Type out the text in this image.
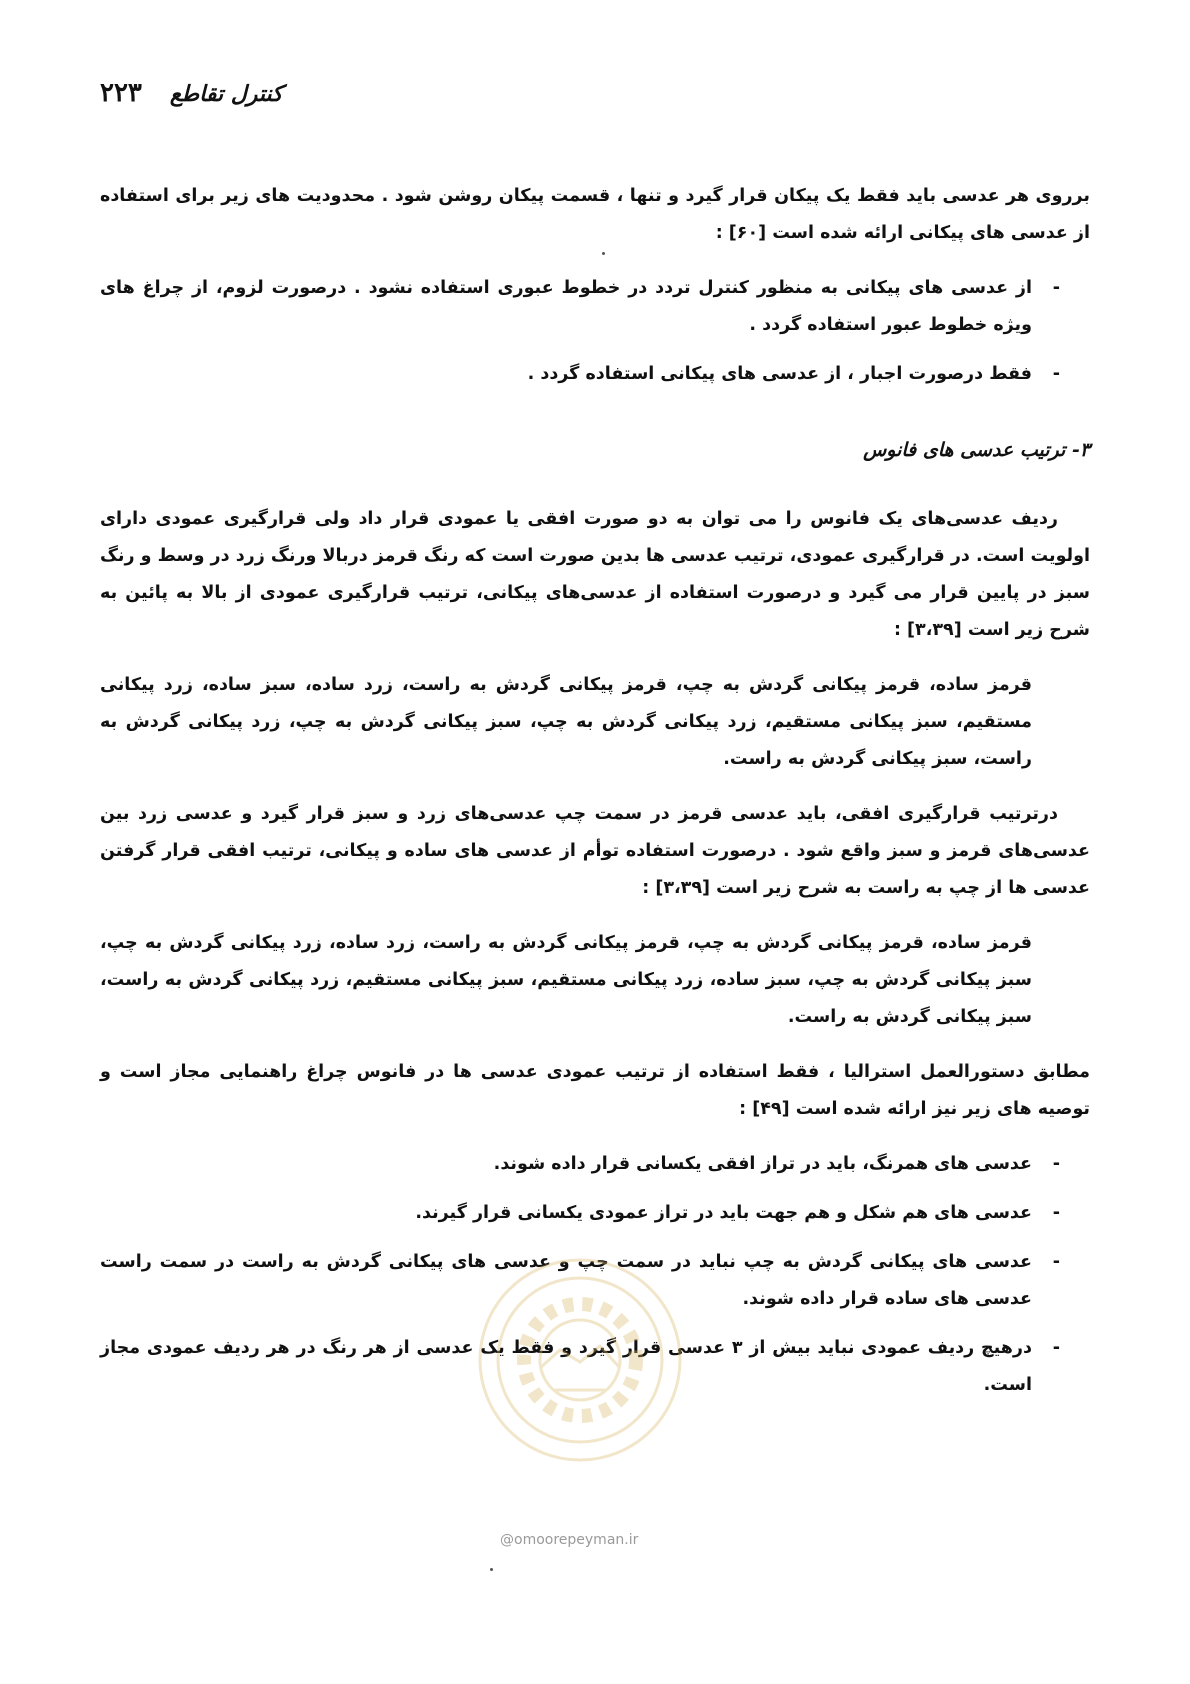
۲۲۳ کنترل تقاطع

برروی هر عدسی باید فقط یک پیکان قرار گیرد و تنها ، قسمت پیکان روشن شود . محدودیت های زیر برای استفاده از عدسی های پیکانی ارائه شده است [۶۰] :

-
از عدسی های پیکانی به منظور کنترل تردد در خطوط عبوری استفاده نشود . درصورت لزوم، از چراغ های ویژه خطوط عبور استفاده گردد .
-
فقط درصورت اجبار ، از عدسی های پیکانی استفاده گردد .
۳- ترتیب عدسی های فانوس

ردیف عدسی‌های یک فانوس را می توان به دو صورت افقی یا عمودی قرار داد ولی قرارگیری عمودی دارای اولویت است. در قرارگیری عمودی، ترتیب عدسی ها بدین صورت است که رنگ قرمز دربالا ورنگ زرد در وسط و رنگ سبز در پایین قرار می گیرد و درصورت استفاده از عدسی‌های پیکانی، ترتیب قرارگیری عمودی از بالا به پائین به شرح زیر است [۳،۳۹] :

قرمز ساده، قرمز پیکانی گردش به چپ، قرمز پیکانی گردش به راست، زرد ساده، سبز ساده، زرد پیکانی مستقیم، سبز پیکانی مستقیم، زرد پیکانی گردش به چپ، سبز پیکانی گردش به چپ، زرد پیکانی گردش به راست، سبز پیکانی گردش به راست.

درترتیب قرارگیری افقی، باید عدسی قرمز در سمت چپ عدسی‌های زرد و سبز قرار گیرد و عدسی زرد بین عدسی‌های قرمز و سبز واقع شود . درصورت استفاده توأم از عدسی های ساده و پیکانی، ترتیب افقی قرار گرفتن عدسی ها از چپ به راست به شرح زیر است [۳،۳۹] :

قرمز ساده، قرمز پیکانی گردش به چپ، قرمز پیکانی گردش به راست، زرد ساده، زرد پیکانی گردش به چپ، سبز پیکانی گردش به چپ، سبز ساده، زرد پیکانی مستقیم، سبز پیکانی مستقیم، زرد پیکانی گردش به راست، سبز پیکانی گردش به راست.

مطابق دستورالعمل استرالیا ، فقط استفاده از ترتیب عمودی عدسی ها در فانوس چراغ راهنمایی مجاز است و توصیه های زیر نیز ارائه شده است [۴۹] :

-
عدسی های همرنگ، باید در تراز افقی یکسانی قرار داده شوند.
-
عدسی های هم شکل و هم جهت باید در تراز عمودی یکسانی قرار گیرند.
-
عدسی های پیکانی گردش به چپ نباید در سمت چپ و عدسی های پیکانی گردش به راست در سمت راست عدسی های ساده قرار داده شوند.
-
درهیچ ردیف عمودی نباید بیش از ۳ عدسی قرار گیرد و فقط یک عدسی از هر رنگ در هر ردیف عمودی مجاز است.
@omoorepeyman.ir
